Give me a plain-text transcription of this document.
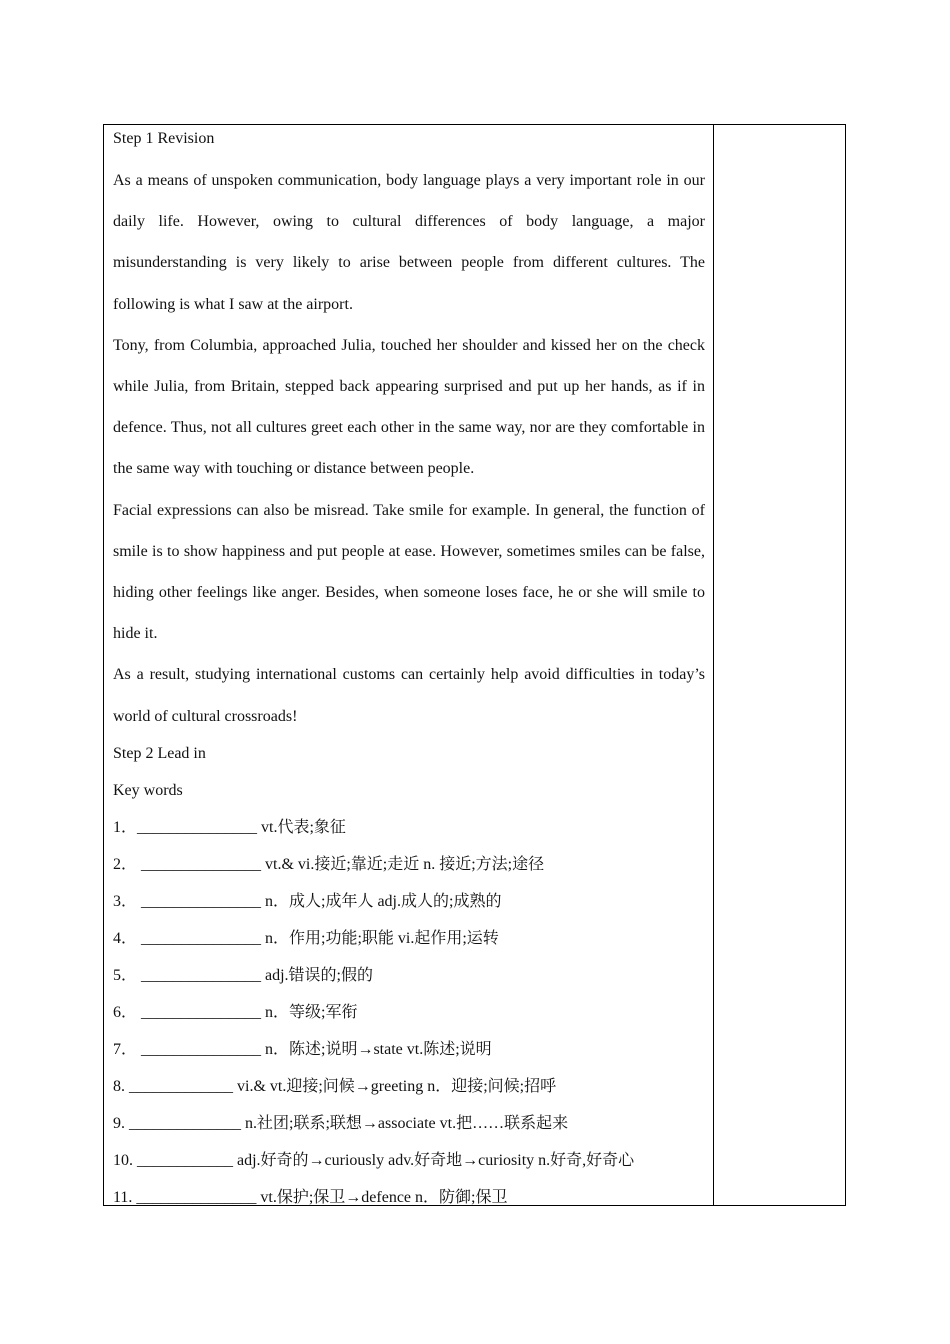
Step 1 Revision
As a means of unspoken communication, body language plays a very important role in our daily life. However, owing to cultural differences of body language, a major misunderstanding is very likely to arise between people from different cultures. The following is what I saw at the airport.
Tony, from Columbia, approached Julia, touched her shoulder and kissed her on the check while Julia, from Britain, stepped back appearing surprised and put up her hands, as if in defence. Thus, not all cultures greet each other in the same way, nor are they comfortable in the same way with touching or distance between people.
Facial expressions can also be misread. Take smile for example. In general, the function of smile is to show happiness and put people at ease. However, sometimes smiles can be false, hiding other feelings like anger. Besides, when someone loses face, he or she will smile to hide it.
As a result, studying international customs can certainly help avoid difficulties in today’s world of cultural crossroads!
Step 2 Lead in
Key words
1．_______________ vt.代表;象征
2． _______________ vt.& vi.接近;靠近;走近 n. 接近;方法;途径
3． _______________ n．成人;成年人 adj.成人的;成熟的
4． _______________ n．作用;功能;职能 vi.起作用;运转
5． _______________ adj.错误的;假的
6． _______________ n．等级;军衔
7． _______________ n．陈述;说明→state vt.陈述;说明
8. _____________ vi.& vt.迎接;问候→greeting n．迎接;问候;招呼
9. ______________ n.社团;联系;联想→associate vt.把……联系起来
10. ____________ adj.好奇的→curiously adv.好奇地→curiosity n.好奇,好奇心
11. _______________ vt.保护;保卫→defence n．防御;保卫
